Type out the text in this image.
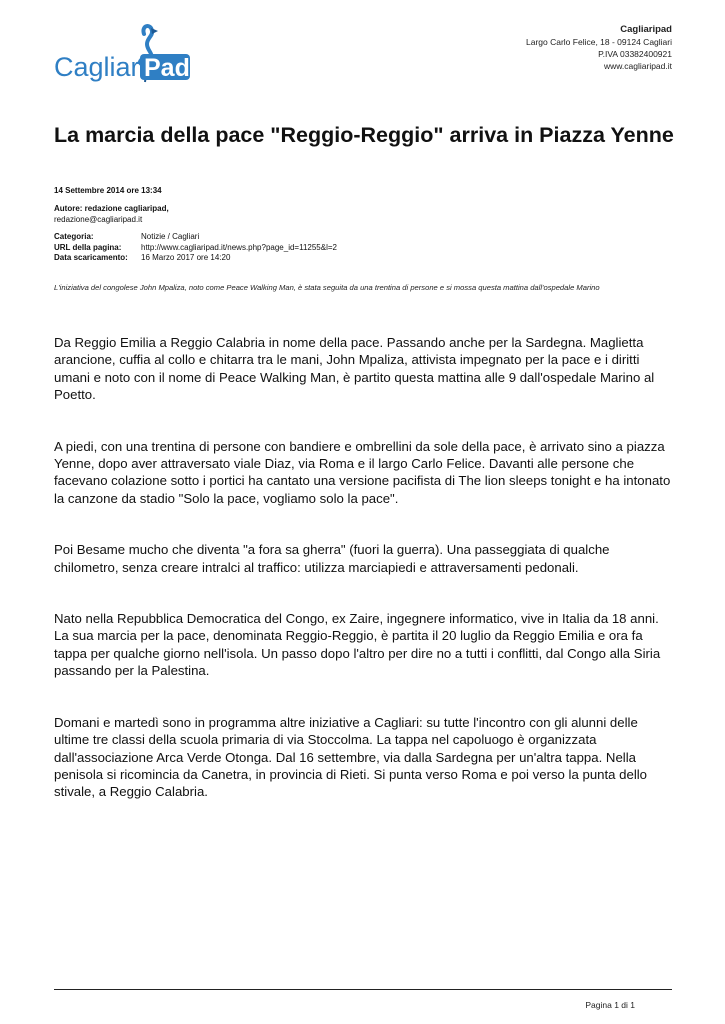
Cagliari
Pad
Cagliaripad
Largo Carlo Felice, 18 - 09124 Cagliari
P.IVA 03382400921
www.cagliaripad.it
La marcia della pace "Reggio-Reggio" arriva in Piazza Yenne
14 Settembre 2014 ore 13:34
Autore: redazione cagliaripad,
redazione@cagliaripad.it
Categoria:	Notizie / Cagliari
URL della pagina:	http://www.cagliaripad.it/news.php?page_id=11255&l=2
Data scaricamento:	16 Marzo 2017 ore 14:20
L'iniziativa del congolese John Mpaliza, noto come Peace Walking Man, è stata seguita da una trentina di persone e si mossa questa mattina dall'ospedale Marino

Da Reggio Emilia a Reggio Calabria in nome della pace. Passando anche per la Sardegna. Maglietta arancione, cuffia al collo e chitarra tra le mani, John Mpaliza, attivista impegnato per la pace e i diritti umani e noto con il nome di Peace Walking Man, è partito questa mattina alle 9 dall'ospedale Marino al Poetto.

A piedi, con una trentina di persone con bandiere e ombrellini da sole della pace, è arrivato sino a piazza Yenne, dopo aver attraversato viale Diaz, via Roma e il largo Carlo Felice. Davanti alle persone che facevano colazione sotto i portici ha cantato una versione pacifista di The lion sleeps tonight e ha intonato la canzone da stadio "Solo la pace, vogliamo solo la pace".

Poi Besame mucho che diventa "a fora sa gherra" (fuori la guerra). Una passeggiata di qualche chilometro, senza creare intralci al traffico: utilizza marciapiedi e attraversamenti pedonali.

Nato nella Repubblica Democratica del Congo, ex Zaire, ingegnere informatico, vive in Italia da 18 anni. La sua marcia per la pace, denominata Reggio-Reggio, è partita il 20 luglio da Reggio Emilia e ora fa tappa per qualche giorno nell'isola. Un passo dopo l'altro per dire no a tutti i conflitti, dal Congo alla Siria passando per la Palestina.

Domani e martedì sono in programma altre iniziative a Cagliari: su tutte l'incontro con gli alunni delle ultime tre classi della scuola primaria di via Stoccolma. La tappa nel capoluogo è organizzata dall'associazione Arca Verde Otonga. Dal 16 settembre, via dalla Sardegna per un'altra tappa. Nella penisola si ricomincia da Canetra, in provincia di Rieti. Si punta verso Roma e poi verso la punta dello stivale, a Reggio Calabria.

Pagina 1 di 1
